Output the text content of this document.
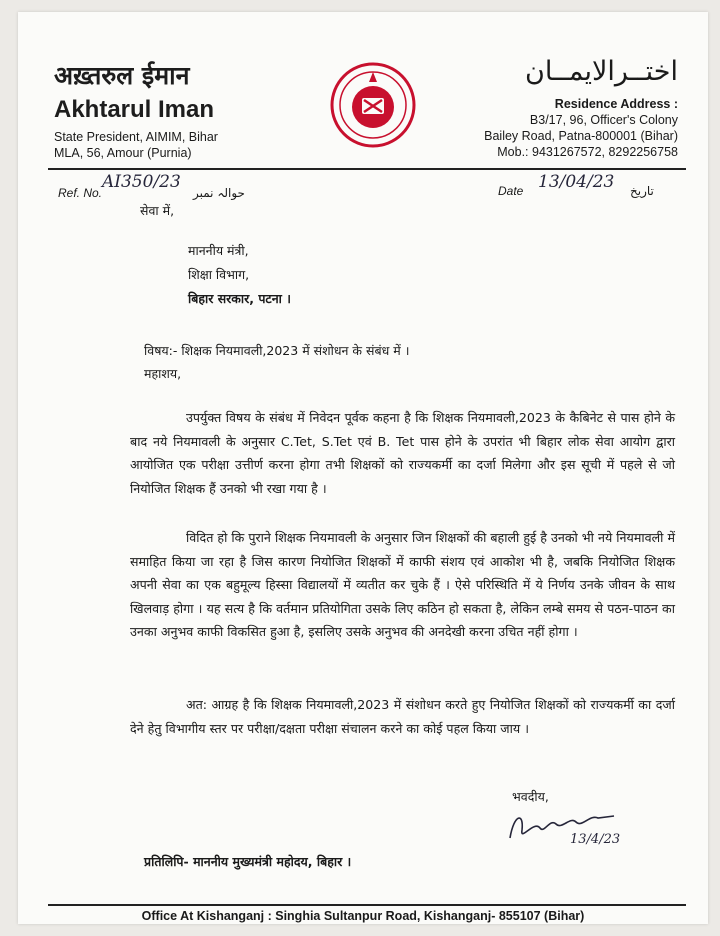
अख़्तरुल ईमान
Akhtarul Iman
State President, AIMIM, Bihar
MLA, 56, Amour (Purnia)
اختــرالایمــان
Residence Address :
B3/17, 96, Officer's Colony
Bailey Road, Patna-800001 (Bihar)
Mob.: 9431267572, 8292256758
Ref. No.
AI350/23
حوالہ نمبر	Date 13/04/23 تاریخ
सेवा में,
माननीय मंत्री,
शिक्षा विभाग,
बिहार सरकार, पटना ।
विषय:- शिक्षक नियमावली,2023 में संशोधन के संबंध में ।
महाशय,
उपर्युक्त विषय के संबंध में निवेदन पूर्वक कहना है कि शिक्षक नियमावली,2023 के कैबिनेट से पास होने के बाद नये नियमावली के अनुसार C.Tet, S.Tet एवं B. Tet पास होने के उपरांत भी बिहार लोक सेवा आयोग द्वारा आयोजित एक परीक्षा उत्तीर्ण करना होगा तभी शिक्षकों को राज्यकर्मी का दर्जा मिलेगा और इस सूची में पहले से जो नियोजित शिक्षक हैं उनको भी रखा गया है ।
विदित हो कि पुराने शिक्षक नियमावली के अनुसार जिन शिक्षकों की बहाली हुई है उनको भी नये नियमावली में समाहित किया जा रहा है जिस कारण नियोजित शिक्षकों में काफी संशय एवं आकोश भी है, जबकि नियोजित शिक्षक अपनी सेवा का एक बहुमूल्य हिस्सा विद्यालयों में व्यतीत कर चुके हैं । ऐसे परिस्थिति में ये निर्णय उनके जीवन के साथ खिलवाड़ होगा । यह सत्य है कि वर्तमान प्रतियोगिता उसके लिए कठिन हो सकता है, लेकिन लम्बे समय से पठन-पाठन का उनका अनुभव काफी विकसित हुआ है, इसलिए उसके अनुभव की अनदेखी करना उचित नहीं होगा ।
अत: आग्रह है कि शिक्षक नियमावली,2023 में संशोधन करते हुए नियोजित शिक्षकों को राज्यकर्मी का दर्जा देने हेतु विभागीय स्तर पर परीक्षा/दक्षता परीक्षा संचालन करने का कोई पहल किया जाय ।
भवदीय,
13/4/23
प्रतिलिपि- माननीय मुख्यमंत्री महोदय, बिहार ।
Office At Kishanganj : Singhia Sultanpur Road, Kishanganj- 855107 (Bihar)
